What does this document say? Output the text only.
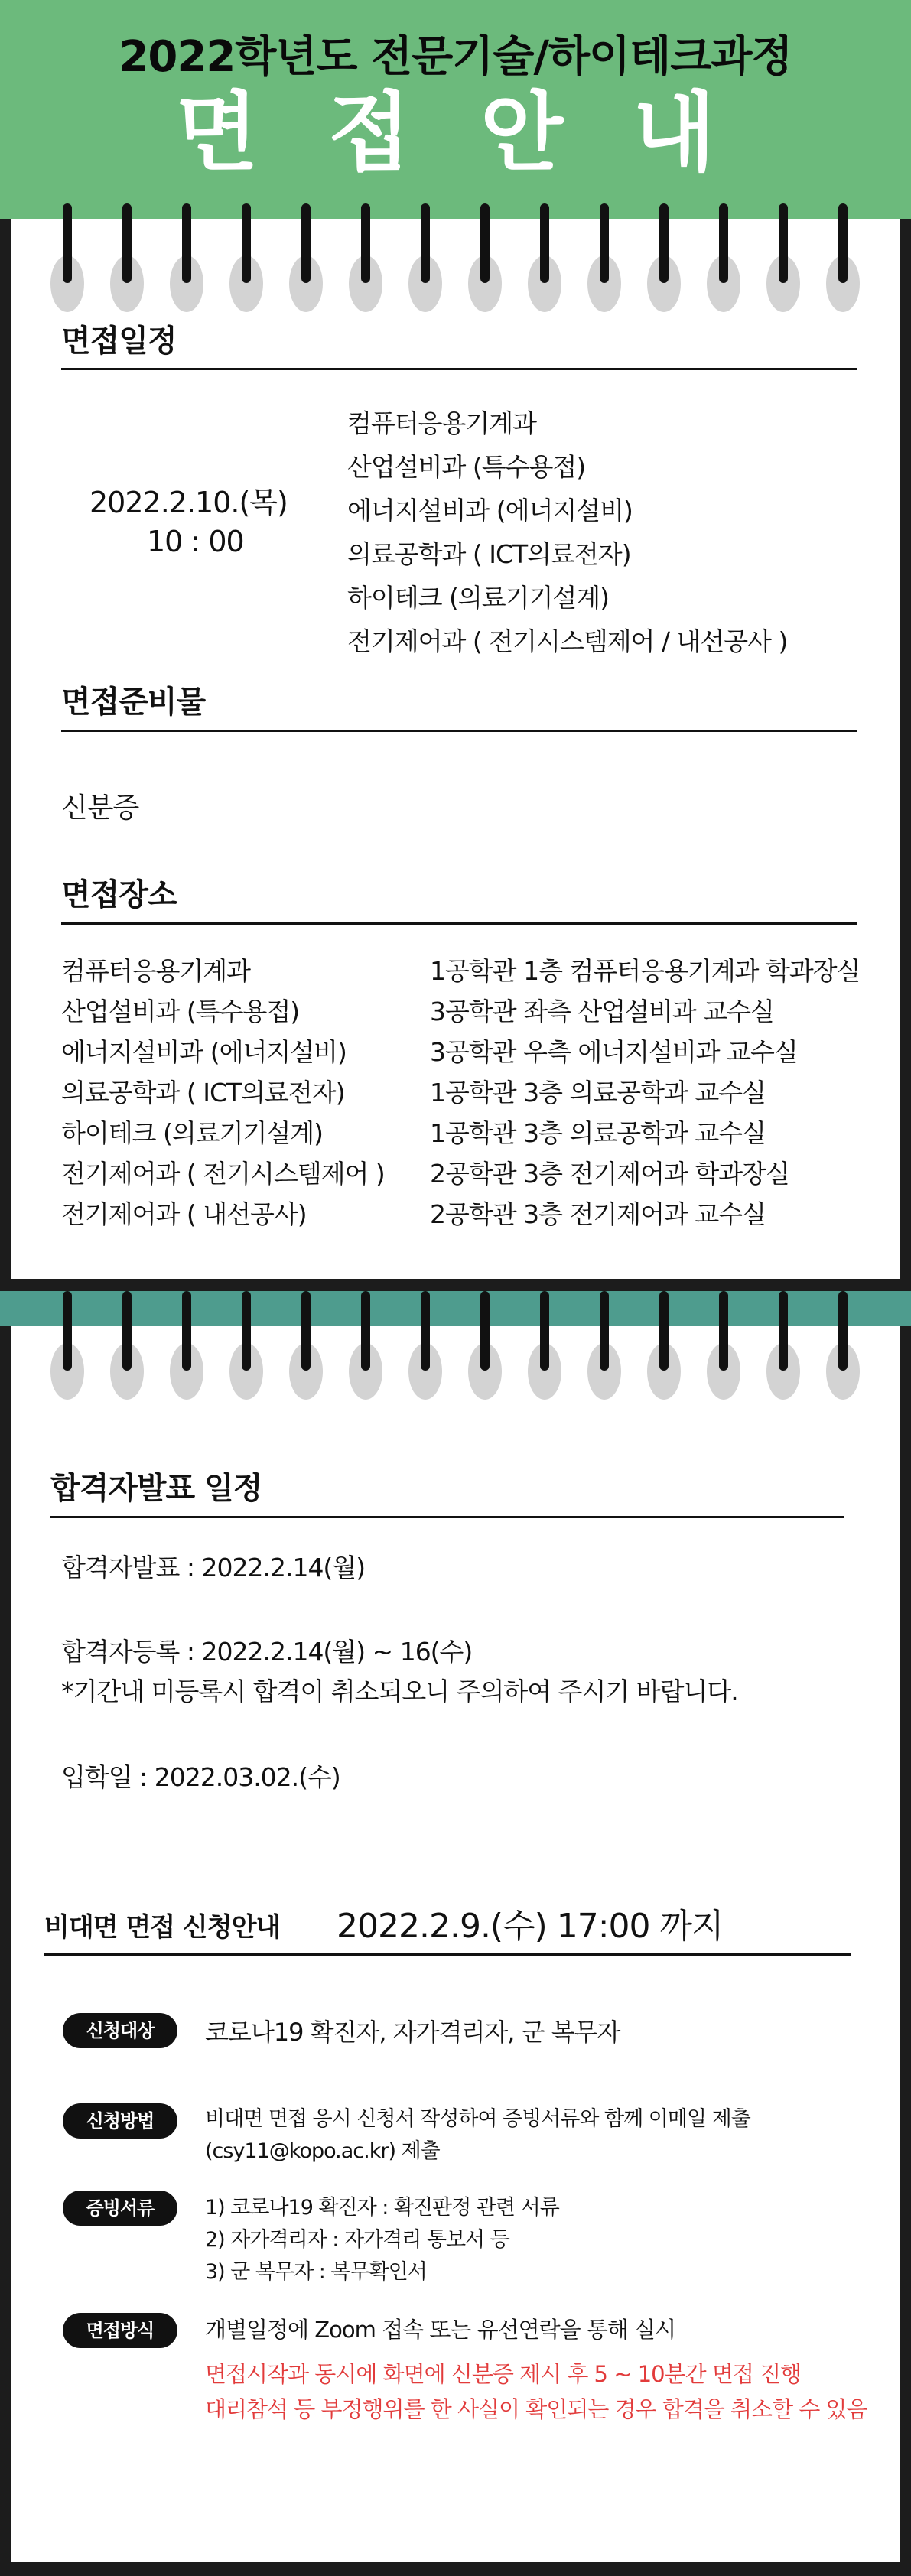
2022학년도 전문기술/하이테크과정
면 접 안 내
면접일정
2022.2.10.(목)
10 : 00
컴퓨터응용기계과
산업설비과 (특수용접)
에너지설비과 (에너지설비)
의료공학과 ( ICT의료전자)
하이테크 (의료기기설계)
전기제어과 ( 전기시스템제어 / 내선공사 )
면접준비물
신분증
면접장소
컴퓨터응용기계과	1공학관 1층 컴퓨터응용기계과 학과장실
산업설비과 (특수용접)	3공학관 좌측 산업설비과 교수실
에너지설비과 (에너지설비)	3공학관 우측 에너지설비과 교수실
의료공학과 ( ICT의료전자)	1공학관 3층 의료공학과 교수실
하이테크 (의료기기설계)	1공학관 3층 의료공학과 교수실
전기제어과 ( 전기시스템제어 ) 2공학관 3층 전기제어과 학과장실
전기제어과 ( 내선공사)	2공학관 3층 전기제어과 교수실
합격자발표 일정
합격자발표 : 2022.2.14(월)
합격자등록 : 2022.2.14(월) ~ 16(수)
*기간내 미등록시 합격이 취소되오니 주의하여 주시기 바랍니다.
입학일 : 2022.03.02.(수)
비대면 면접 신청안내 2022.2.9.(수) 17:00 까지
신청대상	코로나19 확진자, 자가격리자, 군 복무자
신청방법	비대면 면접 응시 신청서 작성하여 증빙서류와 함께 이메일 제출
(csy11@kopo.ac.kr) 제출
증빙서류	1) 코로나19 확진자 : 확진판정 관련 서류
2) 자가격리자 : 자가격리 통보서 등
3) 군 복무자 : 복무확인서
면접방식	개별일정에 Zoom 접속 또는 유선연락을 통해 실시
면접시작과 동시에 화면에 신분증 제시 후 5 ~ 10분간 면접 진행
대리참석 등 부정행위를 한 사실이 확인되는 경우 합격을 취소할 수 있음
